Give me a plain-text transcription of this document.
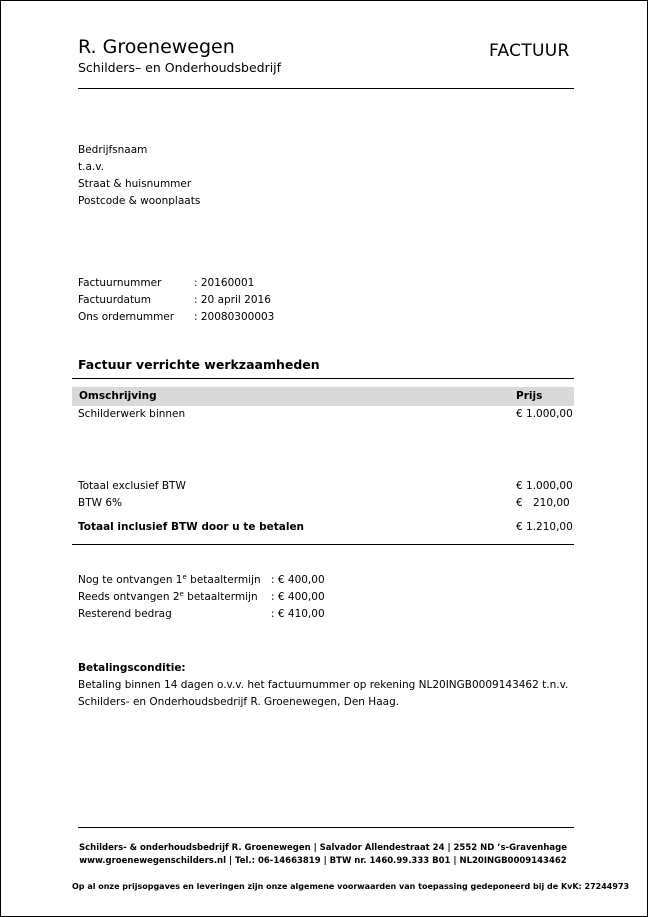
R. Groenewegen
Schilders– en Onderhoudsbedrijf
FACTUUR
Bedrijfsnaam
t.a.v.
Straat & huisnummer
Postcode & woonplaats
Factuurnummer	: 20160001
Factuurdatum	: 20 april 2016
Ons ordernummer	: 20080300003
Factuur verrichte werkzaamheden
Omschrijving	Prijs
Schilderwerk binnen	€ 1.000,00
Totaal exclusief BTW	€ 1.000,00
BTW 6%	€ 210,00
Totaal inclusief BTW door u te betalen	€ 1.210,00
Nog te ontvangen 1e betaaltermijn : € 400,00
Reeds ontvangen 2e betaaltermijn : € 400,00
Resterend bedrag	: € 410,00
Betalingsconditie:
Betaling binnen 14 dagen o.v.v. het factuurnummer op rekening NL20INGB0009143462 t.n.v.
Schilders- en Onderhoudsbedrijf R. Groenewegen, Den Haag.
Schilders- & onderhoudsbedrijf R. Groenewegen | Salvador Allendestraat 24 | 2552 ND ’s-Gravenhage
www.groenewegenschilders.nl | Tel.: 06-14663819 | BTW nr. 1460.99.333 B01 | NL20INGB0009143462
Op al onze prijsopgaves en leveringen zijn onze algemene voorwaarden van toepassing gedeponeerd bij de KvK: 27244973
